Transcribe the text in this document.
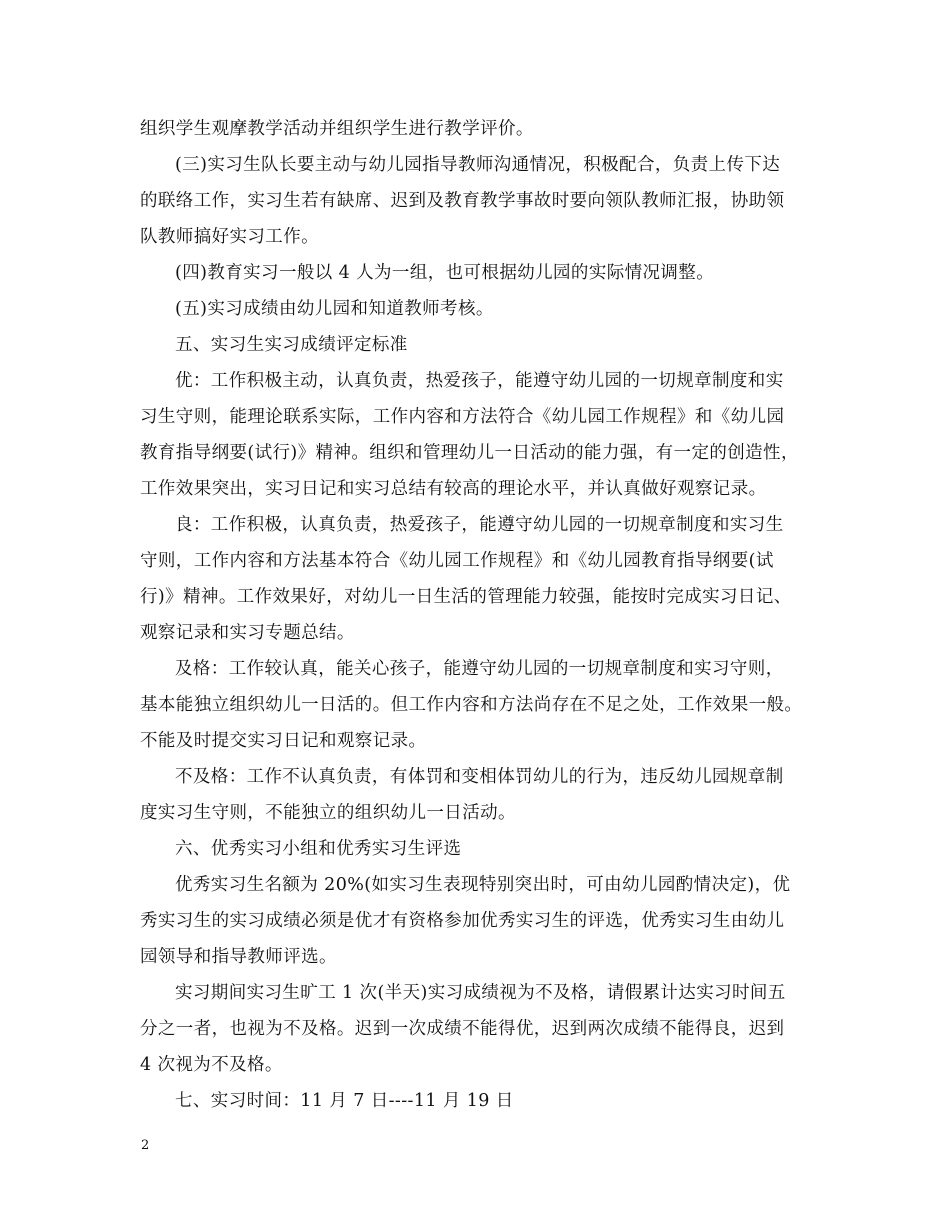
组织学生观摩教学活动并组织学生进行教学评价。
(三)实习生队长要主动与幼儿园指导教师沟通情况，积极配合，负责上传下达
的联络工作，实习生若有缺席、迟到及教育教学事故时要向领队教师汇报，协助领
队教师搞好实习工作。
(四)教育实习一般以 4 人为一组，也可根据幼儿园的实际情况调整。
(五)实习成绩由幼儿园和知道教师考核。
五、实习生实习成绩评定标准
优：工作积极主动，认真负责，热爱孩子，能遵守幼儿园的一切规章制度和实
习生守则，能理论联系实际，工作内容和方法符合《幼儿园工作规程》和《幼儿园
教育指导纲要(试行)》精神。组织和管理幼儿一日活动的能力强，有一定的创造性，
工作效果突出，实习日记和实习总结有较高的理论水平，并认真做好观察记录。
良：工作积极，认真负责，热爱孩子，能遵守幼儿园的一切规章制度和实习生
守则，工作内容和方法基本符合《幼儿园工作规程》和《幼儿园教育指导纲要(试
行)》精神。工作效果好，对幼儿一日生活的管理能力较强，能按时完成实习日记、
观察记录和实习专题总结。
及格：工作较认真，能关心孩子，能遵守幼儿园的一切规章制度和实习守则，
基本能独立组织幼儿一日活的。但工作内容和方法尚存在不足之处，工作效果一般。
不能及时提交实习日记和观察记录。
不及格：工作不认真负责，有体罚和变相体罚幼儿的行为，违反幼儿园规章制
度实习生守则，不能独立的组织幼儿一日活动。
六、优秀实习小组和优秀实习生评选
优秀实习生名额为 20%(如实习生表现特别突出时，可由幼儿园酌情决定)，优
秀实习生的实习成绩必须是优才有资格参加优秀实习生的评选，优秀实习生由幼儿
园领导和指导教师评选。
实习期间实习生旷工 1 次(半天)实习成绩视为不及格，请假累计达实习时间五
分之一者，也视为不及格。迟到一次成绩不能得优，迟到两次成绩不能得良，迟到
4 次视为不及格。
七、实习时间：11 月 7 日----11 月 19 日
2
